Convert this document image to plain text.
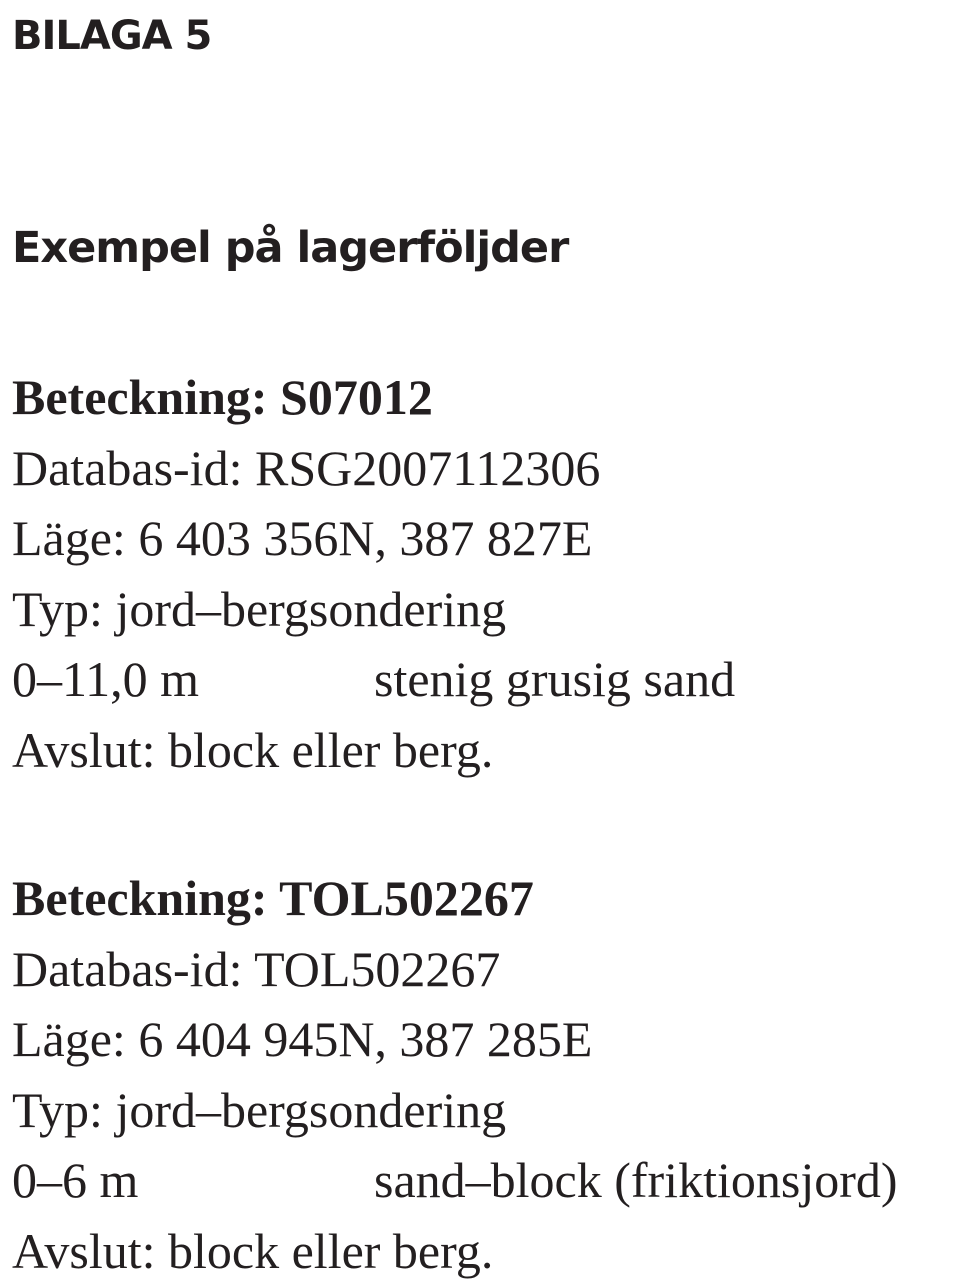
BILAGA 5
Exempel på lagerföljder
Beteckning: S07012
Databas-id: RSG2007112306
Läge: 6 403 356N, 387 827E
Typ: jord–bergsondering
0–11,0 m	stenig grusig sand
Avslut: block eller berg.
Beteckning: TOL502267
Databas-id: TOL502267
Läge: 6 404 945N, 387 285E
Typ: jord–bergsondering
0–6 m	sand–block (friktionsjord)
Avslut: block eller berg.
